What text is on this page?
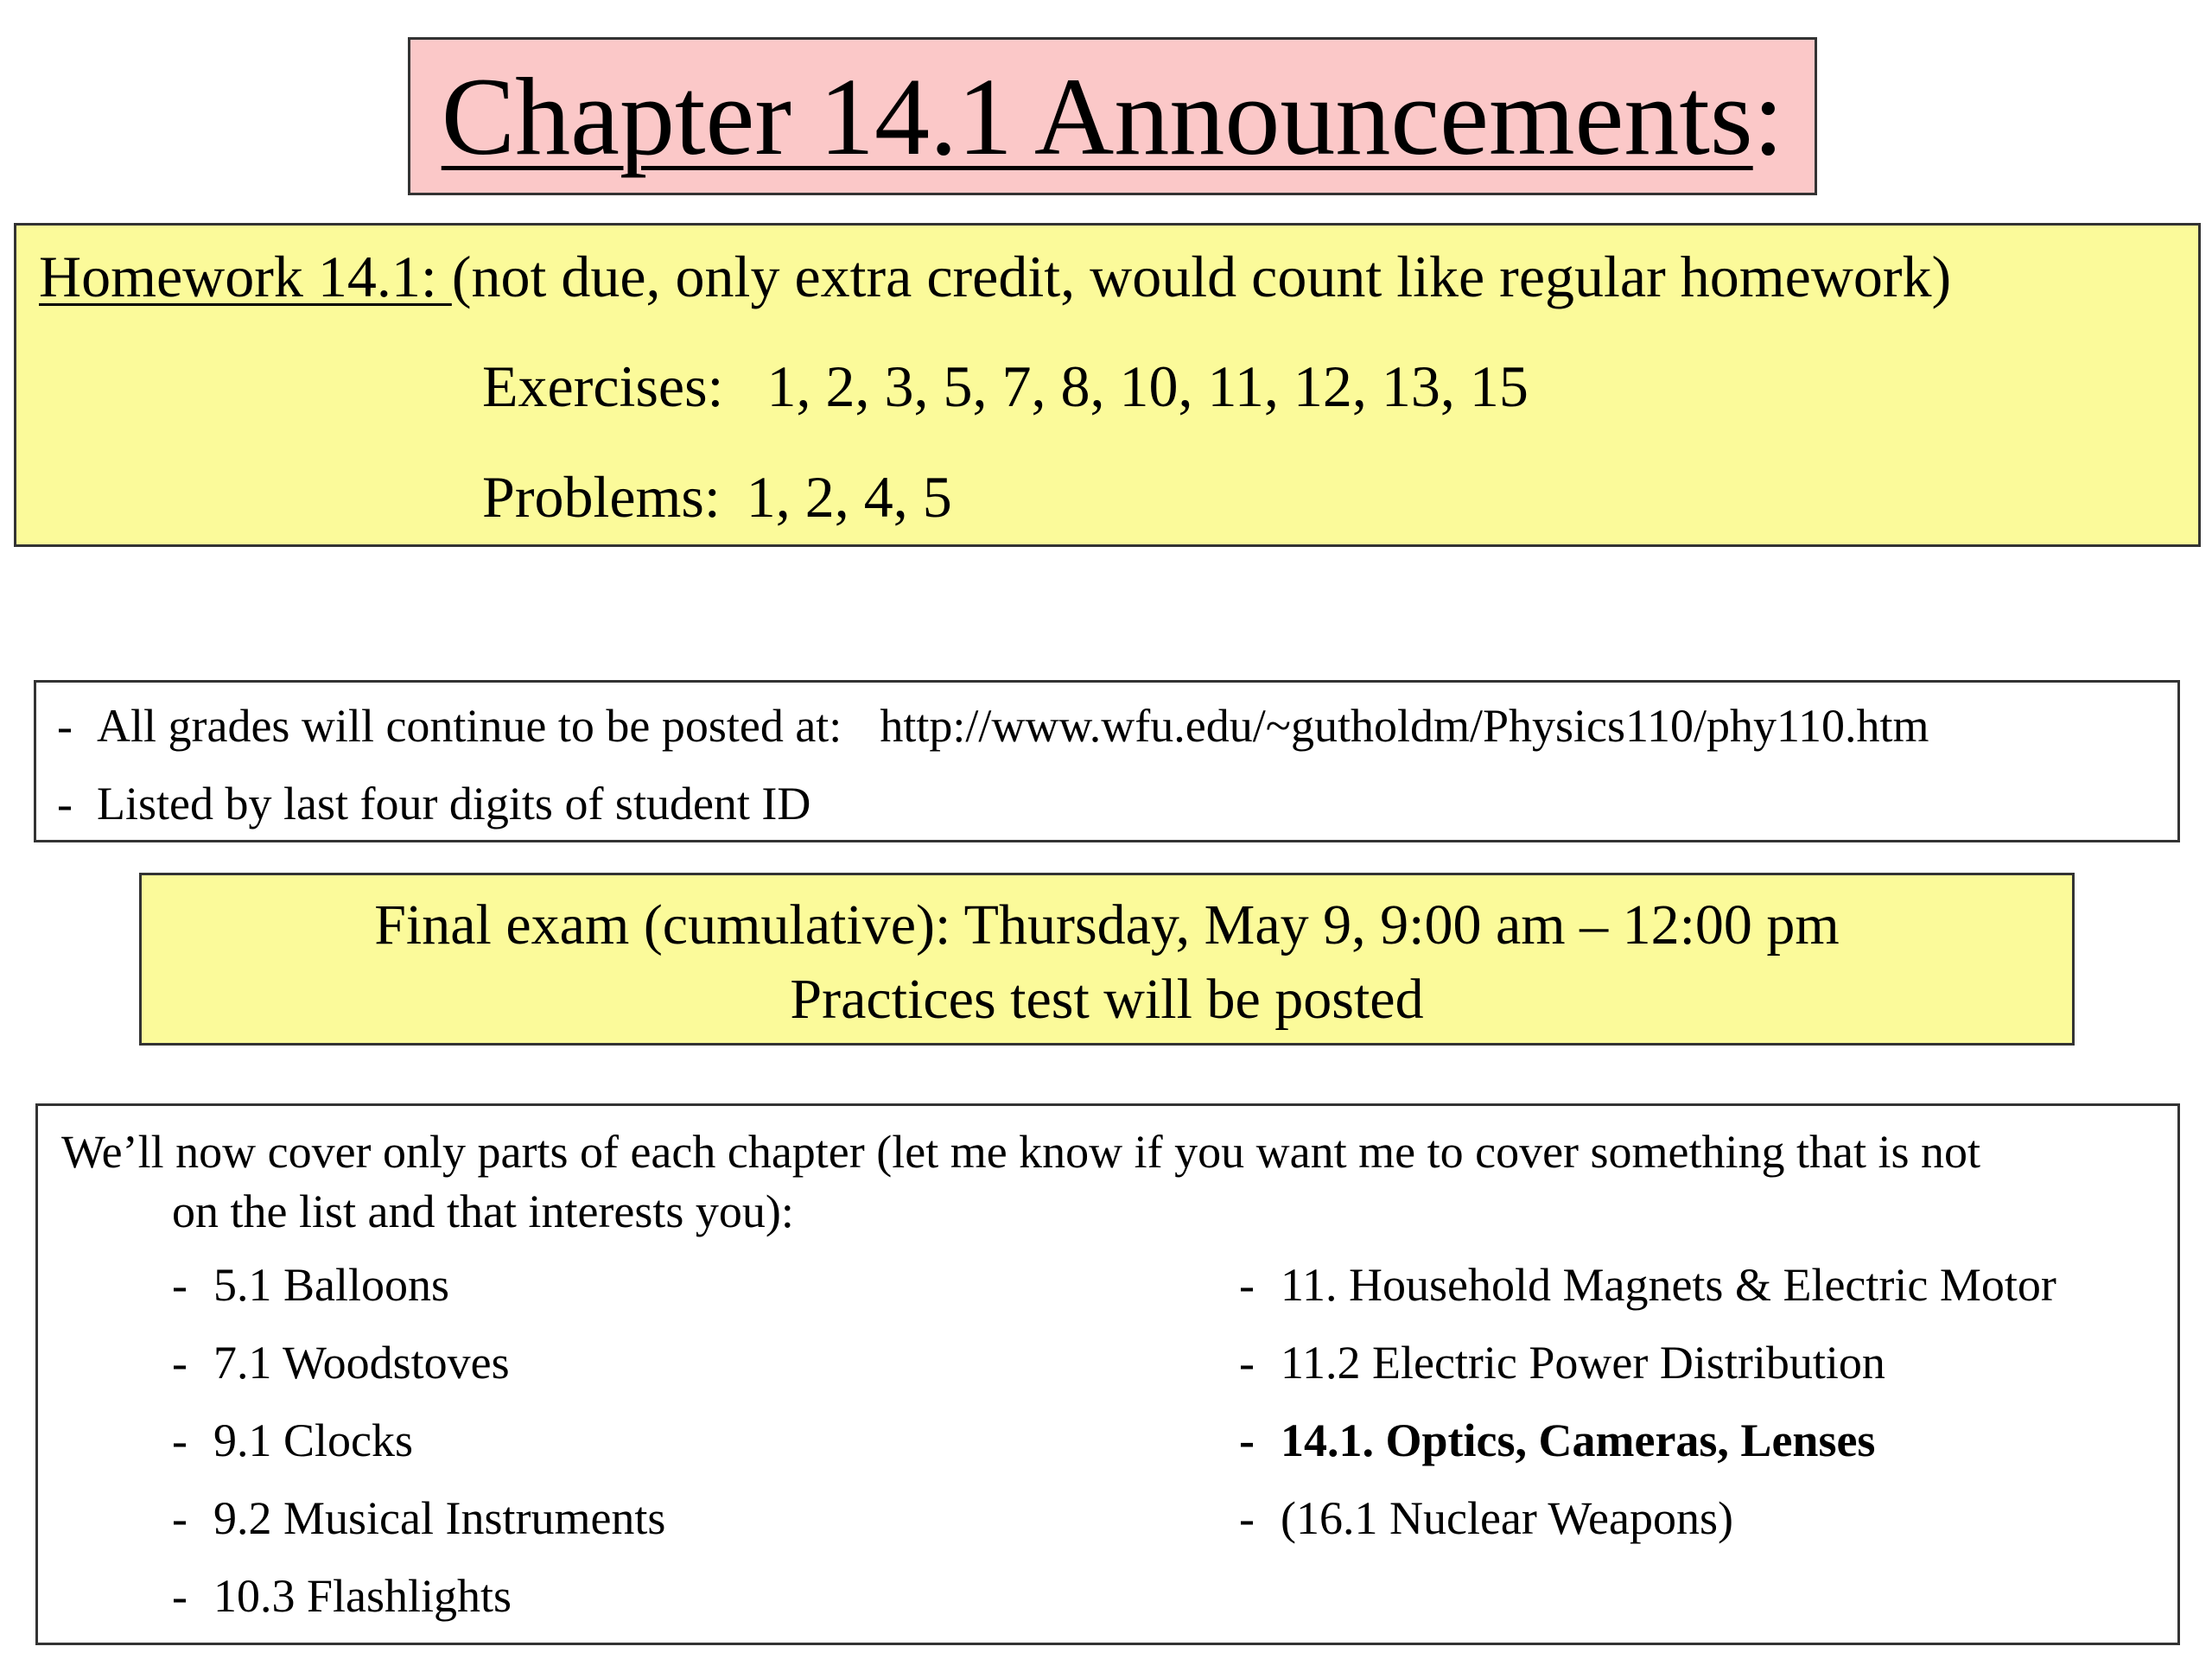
Chapter 14.1 Announcements:
Homework 14.1: (not due, only extra credit, would count like regular homework)
Exercises: 1, 2, 3, 5, 7, 8, 10, 11, 12, 13, 15
Problems: 1, 2, 4, 5
- All grades will continue to be posted at: http://www.wfu.edu/~gutholdm/Physics110/phy110.htm
- Listed by last four digits of student ID
Final exam (cumulative): Thursday, May 9, 9:00 am – 12:00 pm
Practices test will be posted
We’ll now cover only parts of each chapter (let me know if you want me to cover something that is not
on the list and that interests you):
- 5.1 Balloons
- 7.1 Woodstoves
- 9.1 Clocks
- 9.2 Musical Instruments
- 10.3 Flashlights
- 11. Household Magnets & Electric Motor
- 11.2 Electric Power Distribution
- 14.1. Optics, Cameras, Lenses
- (16.1 Nuclear Weapons)
